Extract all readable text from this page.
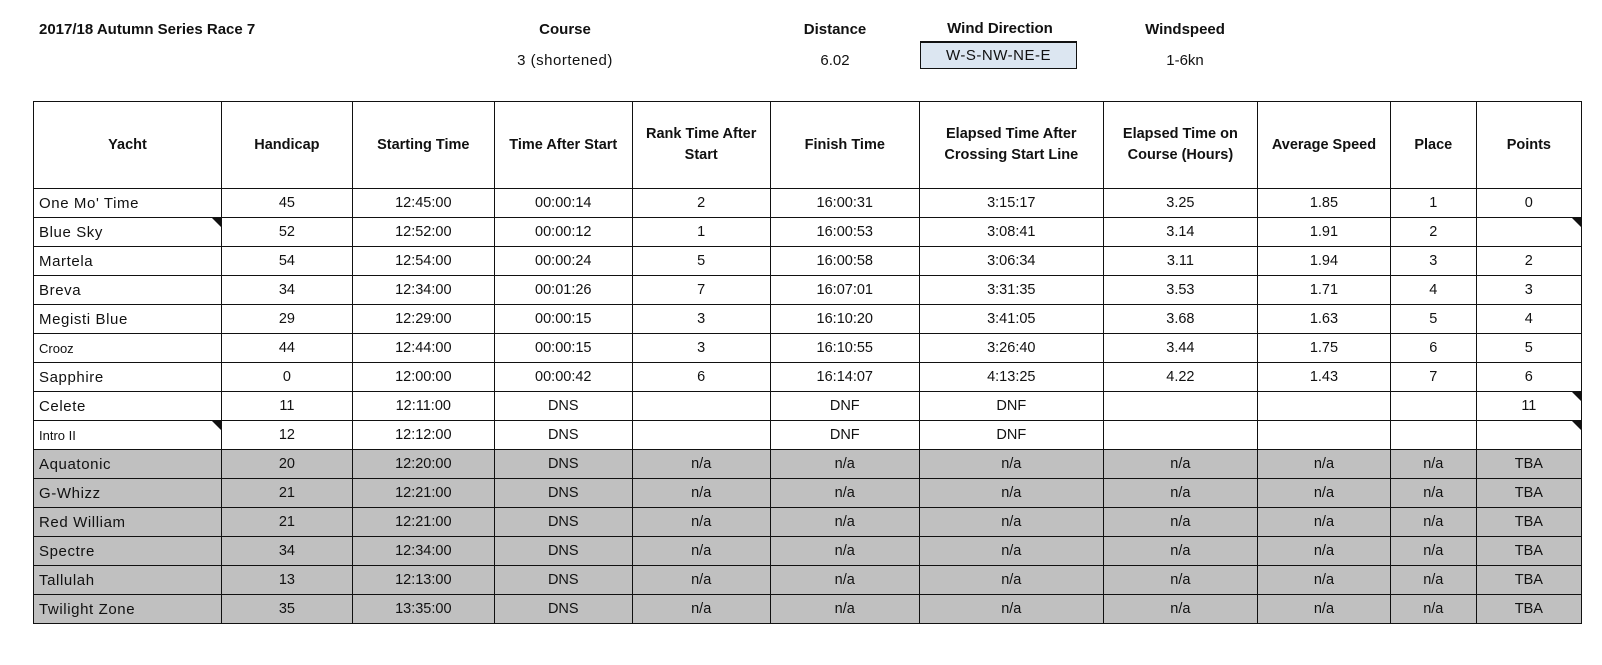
2017/18 Autumn Series Race 7	Course
3 (shortened)
Distance
6.02
Wind Direction
W-S-NW-NE-E
Windspeed
1-6kn
Yacht	Handicap	Starting Time	Time After Start	Rank Time After Start	Finish Time	Elapsed Time After Crossing Start Line	Elapsed Time on Course (Hours)	Average Speed	Place	Points
One Mo' Time	45	12:45:00	00:00:14	2	16:00:31	3:15:17	3.25	1.85	1	0
Blue Sky	52	12:52:00	00:00:12	1	16:00:53	3:08:41	3.14	1.91	2	
Martela	54	12:54:00	00:00:24	5	16:00:58	3:06:34	3.11	1.94	3	2
Breva	34	12:34:00	00:01:26	7	16:07:01	3:31:35	3.53	1.71	4	3
Megisti Blue	29	12:29:00	00:00:15	3	16:10:20	3:41:05	3.68	1.63	5	4
Crooz	44	12:44:00	00:00:15	3	16:10:55	3:26:40	3.44	1.75	6	5
Sapphire	0	12:00:00	00:00:42	6	16:14:07	4:13:25	4.22	1.43	7	6
Celete	11	12:11:00	DNS		DNF	DNF				11
Intro II	12	12:12:00	DNS		DNF	DNF				
Aquatonic	20	12:20:00	DNS	n/a	n/a	n/a	n/a	n/a	n/a	TBA
G-Whizz	21	12:21:00	DNS	n/a	n/a	n/a	n/a	n/a	n/a	TBA
Red William	21	12:21:00	DNS	n/a	n/a	n/a	n/a	n/a	n/a	TBA
Spectre	34	12:34:00	DNS	n/a	n/a	n/a	n/a	n/a	n/a	TBA
Tallulah	13	12:13:00	DNS	n/a	n/a	n/a	n/a	n/a	n/a	TBA
Twilight Zone	35	13:35:00	DNS	n/a	n/a	n/a	n/a	n/a	n/a	TBA
